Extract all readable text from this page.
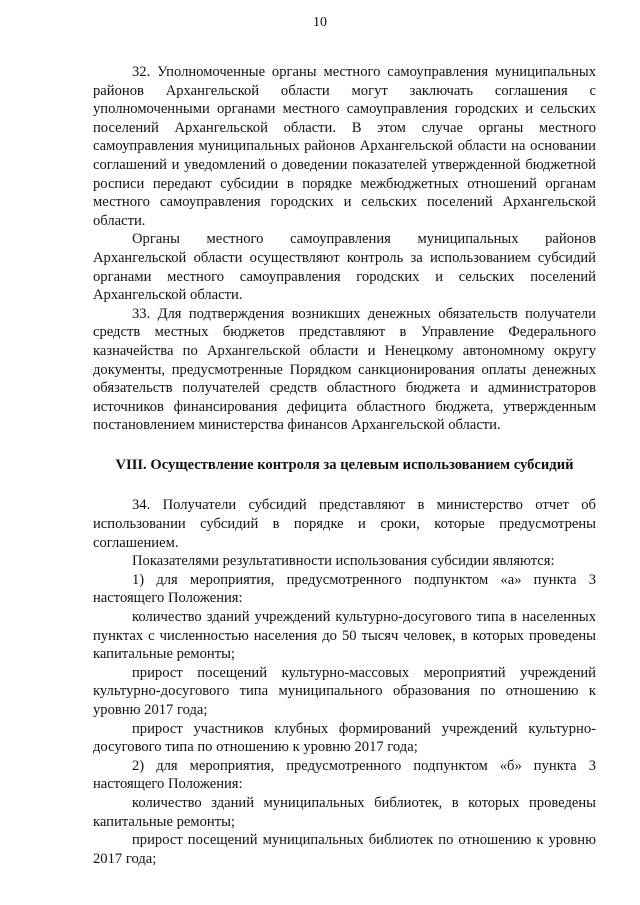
10

32. Уполномоченные органы местного самоуправления муниципальных районов Архангельской области могут заключать соглашения с уполномоченными органами местного самоуправления городских и сельских поселений Архангельской области. В этом случае органы местного самоуправления муниципальных районов Архангельской области на основании соглашений и уведомлений о доведении показателей утвержденной бюджетной росписи передают субсидии в порядке межбюджетных отношений органам местного самоуправления городских и сельских поселений Архангельской области.

Органы местного самоуправления муниципальных районов Архангельской области осуществляют контроль за использованием субсидий органами местного самоуправления городских и сельских поселений Архангельской области.

33. Для подтверждения возникших денежных обязательств получатели средств местных бюджетов представляют в Управление Федерального казначейства по Архангельской области и Ненецкому автономному округу документы, предусмотренные Порядком санкционирования оплаты денежных обязательств получателей средств областного бюджета и администраторов источников финансирования дефицита областного бюджета, утвержденным постановлением министерства финансов Архангельской области.

VIII. Осуществление контроля за целевым использованием субсидий

34. Получатели субсидий представляют в министерство отчет об использовании субсидий в порядке и сроки, которые предусмотрены соглашением.

Показателями результативности использования субсидии являются:

1) для мероприятия, предусмотренного подпунктом «а» пункта 3 настоящего Положения:

количество зданий учреждений культурно-досугового типа в населенных пунктах с численностью населения до 50 тысяч человек, в которых проведены капитальные ремонты;

прирост посещений культурно-массовых мероприятий учреждений культурно-досугового типа муниципального образования по отношению к уровню 2017 года;

прирост участников клубных формирований учреждений культурно-досугового типа по отношению к уровню 2017 года;

2) для мероприятия, предусмотренного подпунктом «б» пункта 3 настоящего Положения:

количество зданий муниципальных библиотек, в которых проведены капитальные ремонты;

прирост посещений муниципальных библиотек по отношению к уровню 2017 года;
